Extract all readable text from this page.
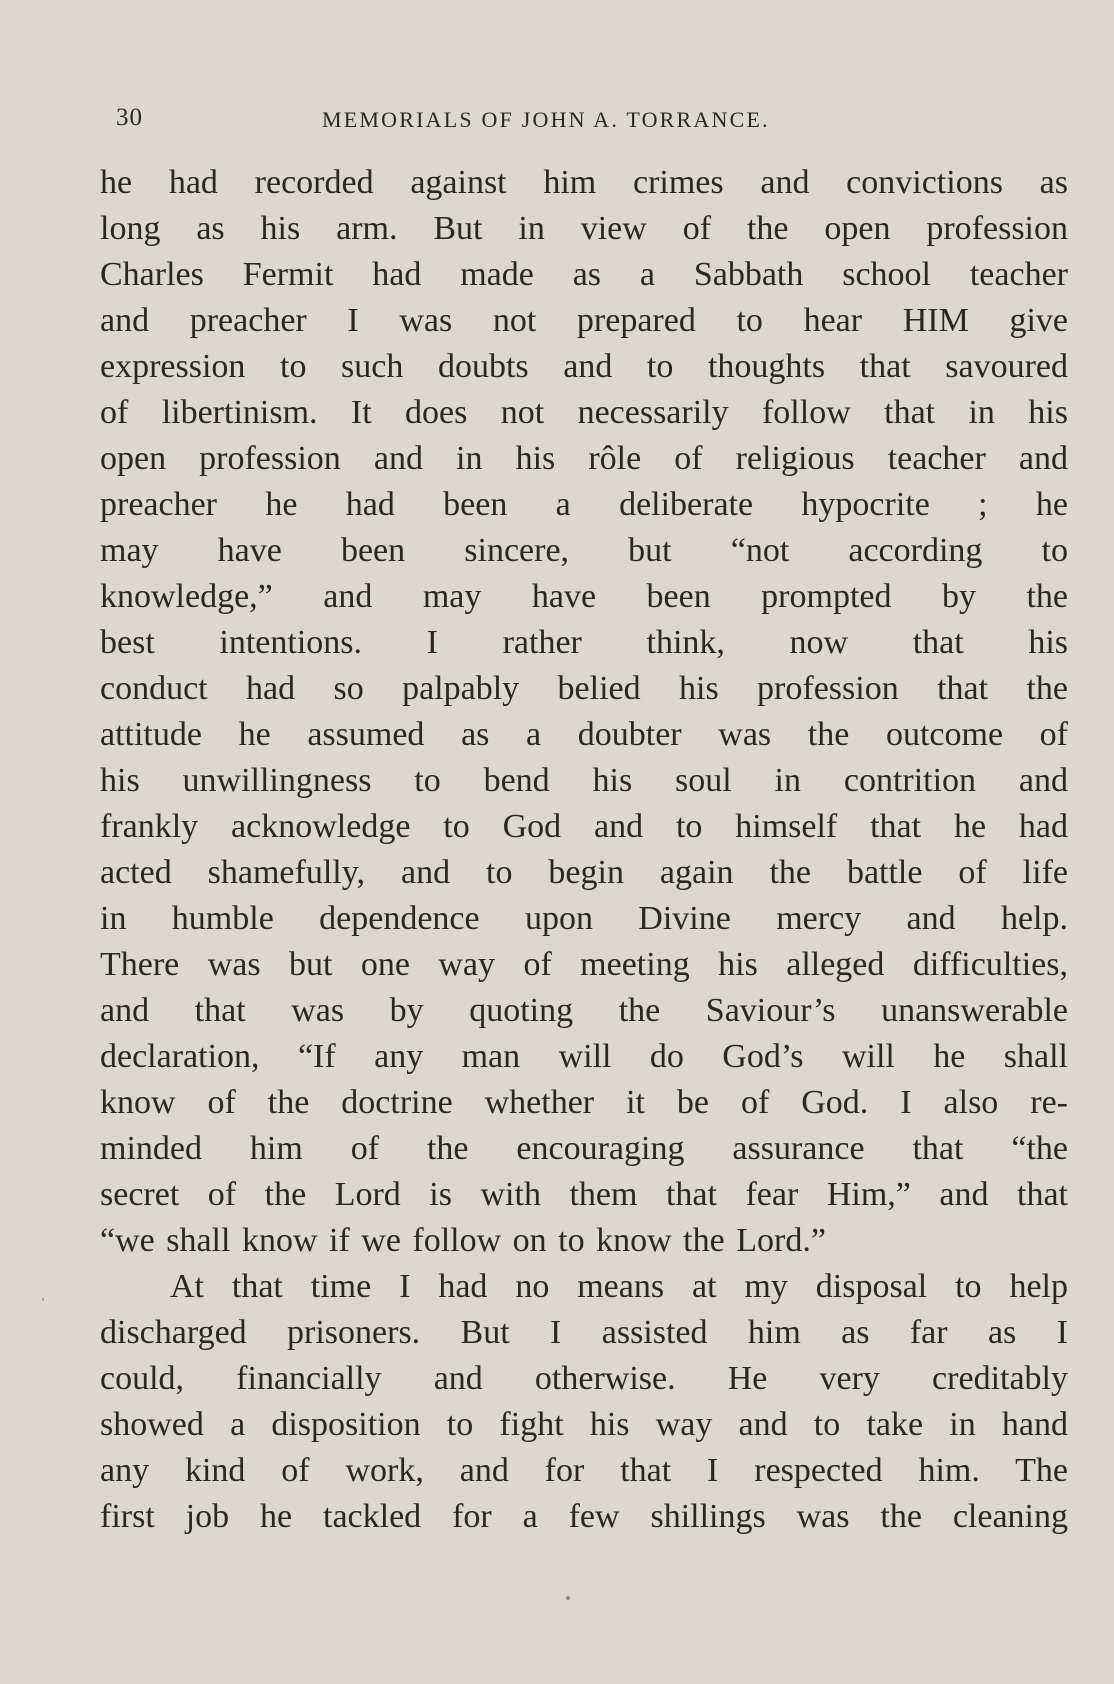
30	MEMORIALS OF JOHN A. TORRANCE.
he had recorded against him crimes and convictions as
long as his arm. But in view of the open profession
Charles Fermit had made as a Sabbath school teacher
and preacher I was not prepared to hear HIM give
expression to such doubts and to thoughts that savoured
of libertinism. It does not necessarily follow that in his
open profession and in his rôle of religious teacher and
preacher he had been a deliberate hypocrite ; he
may have been sincere, but “not according to
knowledge,” and may have been prompted by the
best intentions. I rather think, now that his
conduct had so palpably belied his profession that the
attitude he assumed as a doubter was the outcome of
his unwillingness to bend his soul in contrition and
frankly acknowledge to God and to himself that he had
acted shamefully, and to begin again the battle of life
in humble dependence upon Divine mercy and help.
There was but one way of meeting his alleged difficulties,
and that was by quoting the Saviour’s unanswerable
declaration, “If any man will do God’s will he shall
know of the doctrine whether it be of God. I also re-
minded him of the encouraging assurance that “the
secret of the Lord is with them that fear Him,” and that
“we shall know if we follow on to know the Lord.”
At that time I had no means at my disposal to help
discharged prisoners. But I assisted him as far as I
could, financially and otherwise. He very creditably
showed a disposition to fight his way and to take in hand
any kind of work, and for that I respected him. The
first job he tackled for a few shillings was the cleaning
